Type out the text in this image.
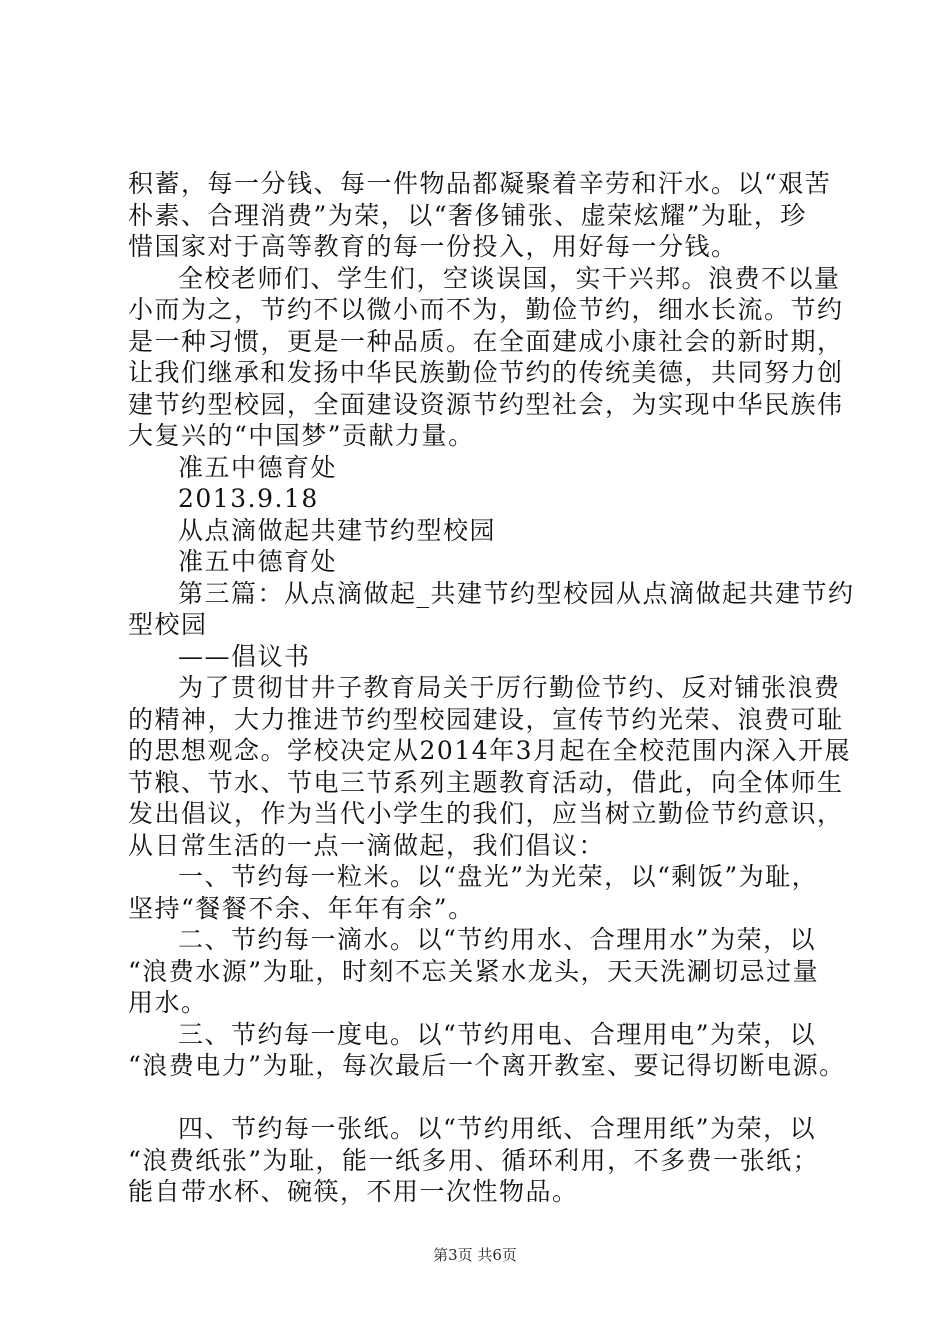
积蓄，每一分钱、每一件物品都凝聚着辛劳和汗水。以“艰苦
朴素、合理消费”为荣，以“奢侈铺张、虚荣炫耀”为耻，珍
惜国家对于高等教育的每一份投入，用好每一分钱。
全校老师们、学生们，空谈误国，实干兴邦。浪费不以量
小而为之，节约不以微小而不为，勤俭节约，细水长流。节约
是一种习惯，更是一种品质。在全面建成小康社会的新时期，
让我们继承和发扬中华民族勤俭节约的传统美德，共同努力创
建节约型校园，全面建设资源节约型社会，为实现中华民族伟
大复兴的“中国梦”贡献力量。
准五中德育处
2013.9.18
从点滴做起共建节约型校园
准五中德育处
第三篇：从点滴做起_共建节约型校园从点滴做起共建节约
型校园
——倡议书
为了贯彻甘井子教育局关于厉行勤俭节约、反对铺张浪费
的精神，大力推进节约型校园建设，宣传节约光荣、浪费可耻
的思想观念。学校决定从2014年3月起在全校范围内深入开展
节粮、节水、节电三节系列主题教育活动，借此，向全体师生
发出倡议，作为当代小学生的我们，应当树立勤俭节约意识，
从日常生活的一点一滴做起，我们倡议：
一、节约每一粒米。以“盘光”为光荣，以“剩饭”为耻，
坚持“餐餐不余、年年有余”。
二、节约每一滴水。以“节约用水、合理用水”为荣，以
“浪费水源”为耻，时刻不忘关紧水龙头，天天洗涮切忌过量
用水。
三、节约每一度电。以“节约用电、合理用电”为荣，以
“浪费电力”为耻，每次最后一个离开教室、要记得切断电源。
四、节约每一张纸。以“节约用纸、合理用纸”为荣，以
“浪费纸张”为耻，能一纸多用、循环利用，不多费一张纸；
能自带水杯、碗筷，不用一次性物品。
第3页 共6页
